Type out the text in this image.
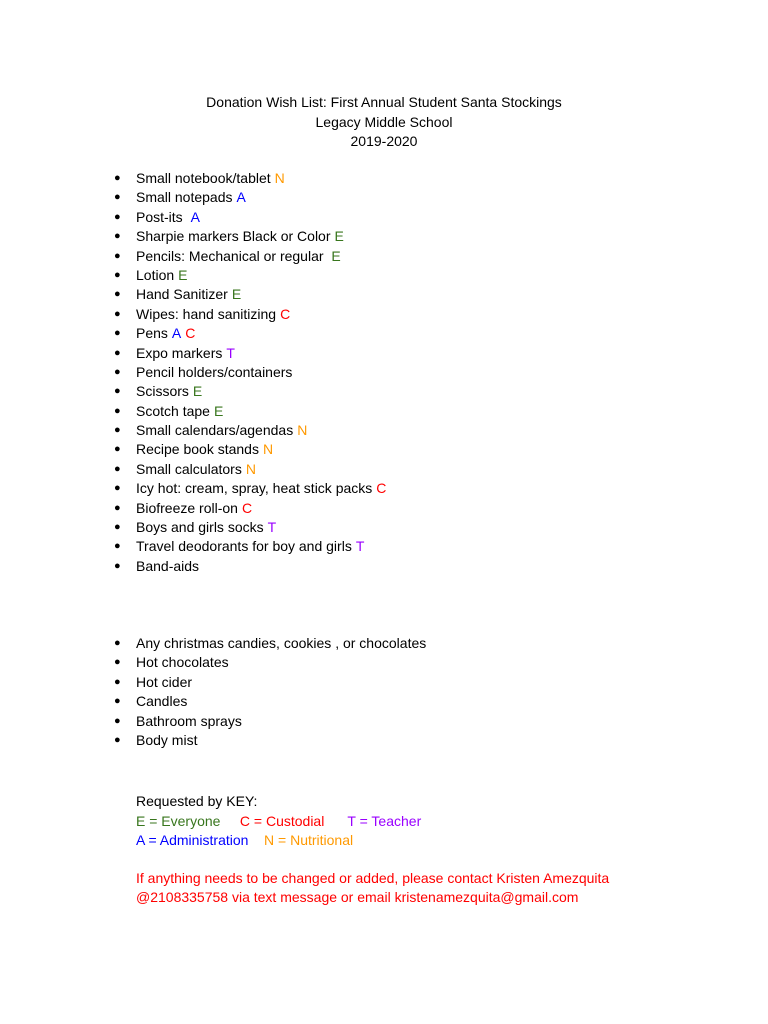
Donation Wish List: First Annual Student Santa Stockings
Legacy Middle School
2019-2020
● Small notebook/tablet N
● Small notepads A
● Post-its A
● Sharpie markers Black or Color E
● Pencils: Mechanical or regular E
● Lotion E
● Hand Sanitizer E
● Wipes: hand sanitizing C
● Pens A C
● Expo markers T
● Pencil holders/containers
● Scissors E
● Scotch tape E
● Small calendars/agendas N
● Recipe book stands N
● Small calculators N
● Icy hot: cream, spray, heat stick packs C
● Biofreeze roll-on C
● Boys and girls socks T
● Travel deodorants for boy and girls T
● Band-aids
● Any christmas candies, cookies , or chocolates
● Hot chocolates
● Hot cider
● Candles
● Bathroom sprays
● Body mist
Requested by KEY:
E = Everyone C = Custodial T = Teacher
A = Administration N = Nutritional
If anything needs to be changed or added, please contact Kristen Amezquita
@2108335758 via text message or email kristenamezquita@gmail.com
